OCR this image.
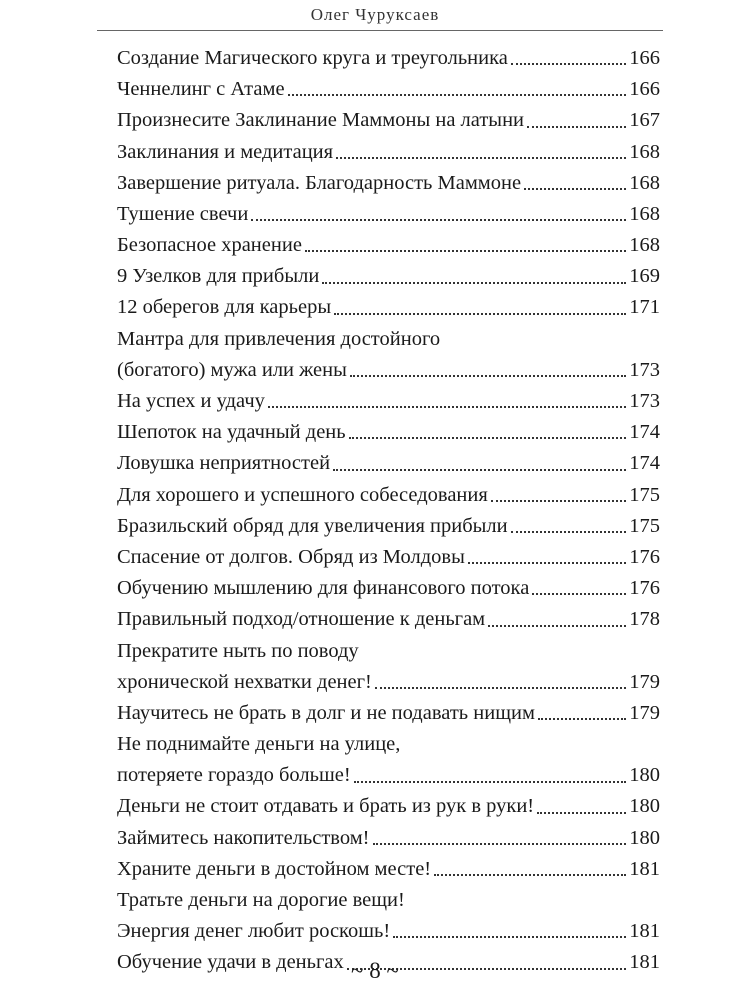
Олег Чуруксаев
Создание Магического круга и треугольника	166
Ченнелинг с Атаме	166
Произнесите Заклинание Маммоны на латыни	167
Заклинания и медитация	168
Завершение ритуала. Благодарность Маммоне	168
Тушение свечи	168
Безопасное хранение	168
9 Узелков для прибыли	169
12 оберегов для карьеры	171
Мантра для привлечения достойного
(богатого) мужа или жены	173
На успех и удачу	173
Шепоток на удачный день	174
Ловушка неприятностей	174
Для хорошего и успешного собеседования	175
Бразильский обряд для увеличения прибыли	175
Спасение от долгов. Обряд из Молдовы	176
Обучению мышлению для финансового потока	176
Правильный подход/отношение к деньгам	178
Прекратите ныть по поводу
хронической нехватки денег!	179
Научитесь не брать в долг и не подавать нищим	179
Не поднимайте деньги на улице,
потеряете гораздо больше!	180
Деньги не стоит отдавать и брать из рук в руки!	180
Займитесь накопительством!	180
Храните деньги в достойном месте!	181
Тратьте деньги на дорогие вещи!
Энергия денег любит роскошь!	181
Обучение удачи в деньгах	181
~ 8 ~
